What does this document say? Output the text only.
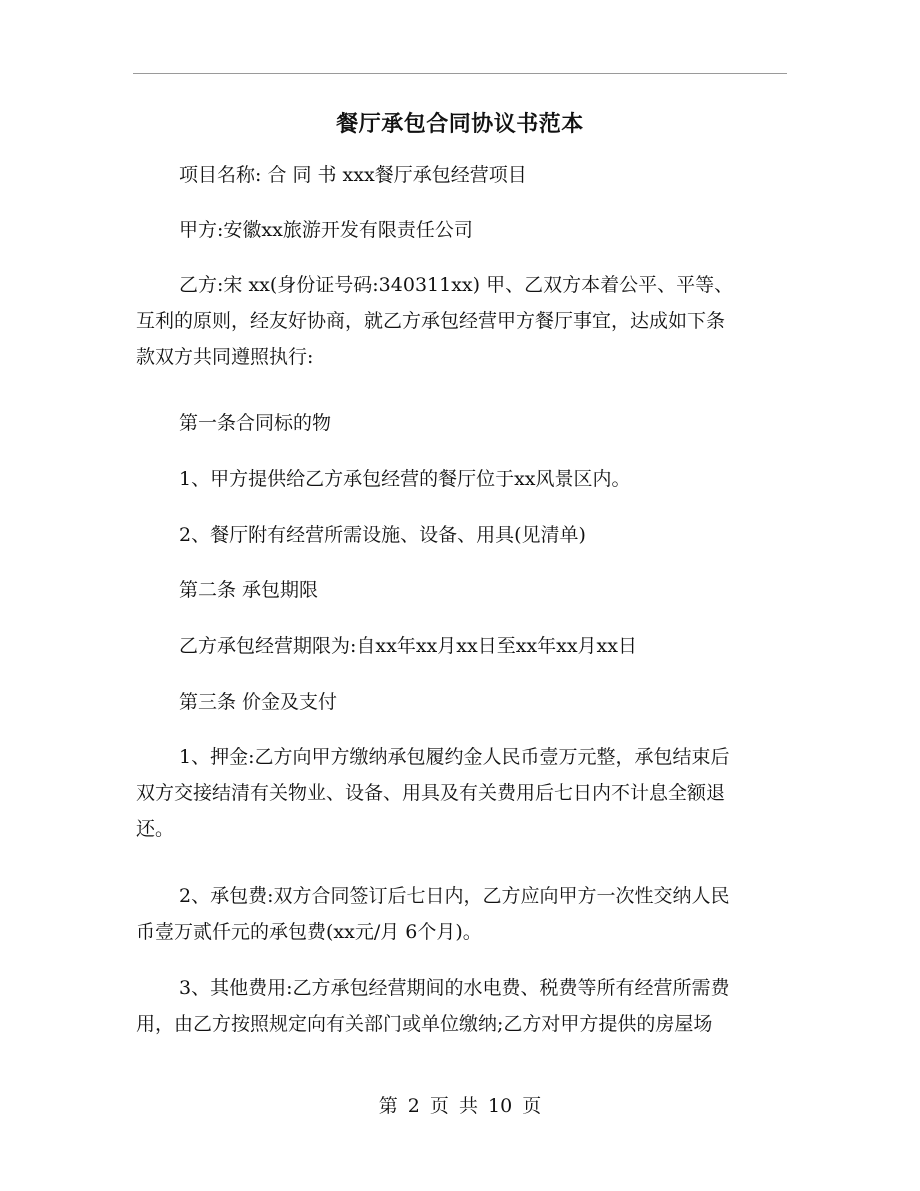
餐厅承包合同协议书范本
项目名称: 合 同 书 xxx餐厅承包经营项目
甲方:安徽xx旅游开发有限责任公司
乙方:宋 xx(身份证号码:340311xx) 甲、乙双方本着公平、平等、
互利的原则，经友好协商，就乙方承包经营甲方餐厅事宜，达成如下条
款双方共同遵照执行:
第一条合同标的物
1、甲方提供给乙方承包经营的餐厅位于xx风景区内。
2、餐厅附有经营所需设施、设备、用具(见清单)
第二条 承包期限
乙方承包经营期限为:自xx年xx月xx日至xx年xx月xx日
第三条 价金及支付
1、押金:乙方向甲方缴纳承包履约金人民币壹万元整，承包结束后
双方交接结清有关物业、设备、用具及有关费用后七日内不计息全额退
还。
2、承包费:双方合同签订后七日内，乙方应向甲方一次性交纳人民
币壹万贰仟元的承包费(xx元/月 6个月)。
3、其他费用:乙方承包经营期间的水电费、税费等所有经营所需费
用，由乙方按照规定向有关部门或单位缴纳;乙方对甲方提供的房屋场
第 2 页 共 10 页
